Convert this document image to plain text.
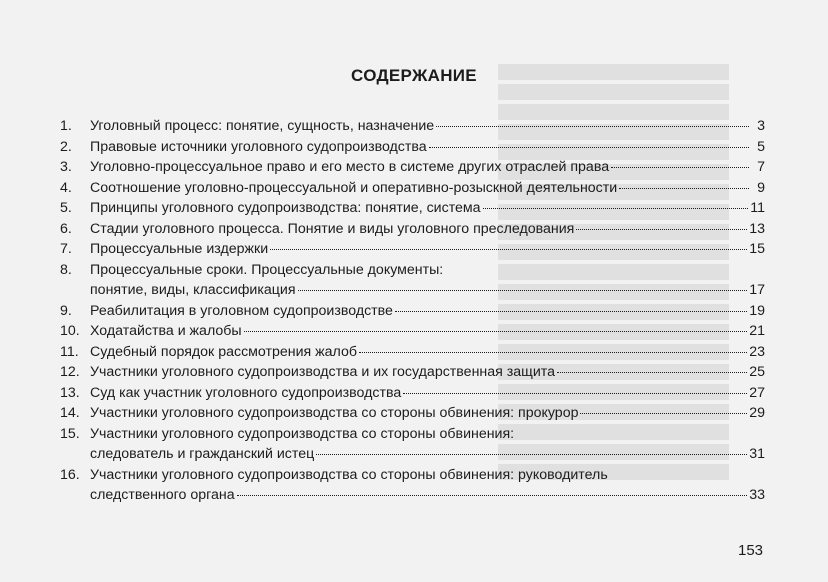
СОДЕРЖАНИЕ
1.	Уголовный процесс: понятие, сущность, назначение	3
2.	Правовые источники уголовного судопроизводства	5
3.	Уголовно-процессуальное право и его место в системе других отраслей права	7
4.	Соотношение уголовно-процессуальной и оперативно-розыскной деятельности	9
5.	Принципы уголовного судопроизводства: понятие, система	11
6.	Стадии уголовного процесса. Понятие и виды уголовного преследования	13
7.	Процессуальные издержки	15
8.	Процессуальные сроки. Процессуальные документы:
понятие, виды, классификация	17
9.	Реабилитация в уголовном судопроизводстве	19
10. Ходатайства и жалобы	21
11. Судебный порядок рассмотрения жалоб	23
12. Участники уголовного судопроизводства и их государственная защита	25
13. Суд как участник уголовного судопроизводства	27
14. Участники уголовного судопроизводства со стороны обвинения: прокурор	29
15. Участники уголовного судопроизводства со стороны обвинения:
следователь и гражданский истец	31
16. Участники уголовного судопроизводства со стороны обвинения: руководитель
следственного органа	33
153
